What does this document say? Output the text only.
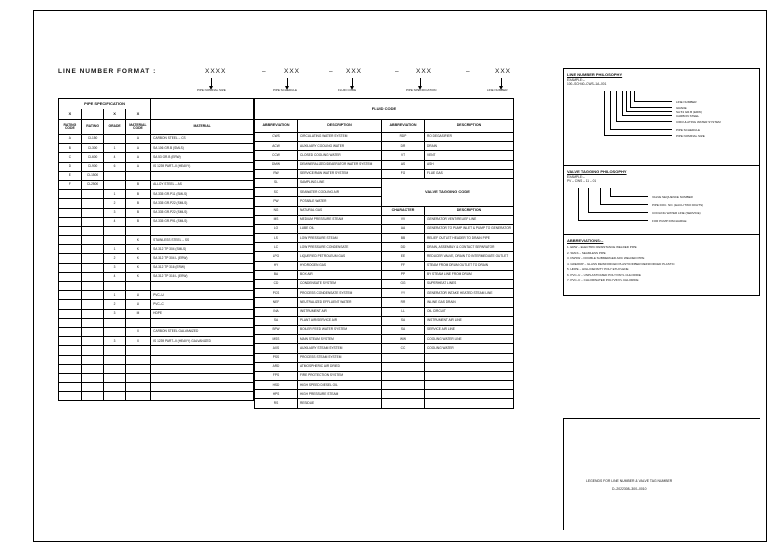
LINE NUMBER FORMAT :	XXXX
PIPE NOMINAL SIZE
–	XXX
PIPE SCHEDULE
– XXX
FLUID CODE
–	XXX
PIPE SPECIFICATION
–	XXX
LINE NUMBER
PIPE SPECIFICATION				
X		X	X	
RATING CODE	RATING	GRADE	MATERIAL CODE	MATERIAL
A	CL150		A	CARBON STEEL – CS
B	CL300	1	A	SA 106 GR.B (SMLS)
C	CL600	4	A	SA 53 GR.B (ERW)
D	CL900	6	A	IS 1239 PART–II (HEAVY)
E	CL1500			
F	CL2500		B	ALLOY STEEL – AS
		1	B	SA 335 GR.P11 (SMLS)
		2	B	SA 335 GR.P22 (SMLS)
		3	B	SA 335 GR.P22 (SMLS)
		4	B	SA 335 GR.P91 (SMLS)

			K	STAINLESS STEEL – SS
		1	K	SA 312 TP 304 (SMLS)
		2	K	SA 312 TP 304 L (ERW)
		3	K	SA 312 TP 316 (ERW)
		4	K	SA 312 TP 316 L (ERW)

		1	U	PVC–U
		2	U	PVC–C
		3	M	HDPE

			X	CARBON STEEL GALVANIZED
		3	X	IS 1239 PART–II (HEAVY) GALVANIZED

FLUID CODE			
ABBREVIATION	DESCRIPTION	ABBREVIATION	DESCRIPTION
CWS	CIRCULATING WATER SYSTEM	RDP	RO DEGASIFIER
ACW	AUXILIARY COOLING WATER	DR	DRAIN
CCW	CLOSED COOLING WATER	VT	VENT
DMW	DEMINERALIZED/DEAERATOR WATER SYSTEM	AS	ASH
RW	SERVICE/RAW WATER SYSTEM	FG	FLUE GAS
SL	SAMPLING LINE	VALVE TAGGING CODE	
SC	SEAWATER COOLING AIR		
PW	POTABLE WATER		
NG	NATURAL GAS	CHARACTER	DESCRIPTION
MS	MEDIUM PRESSURE STEAM	VV	GENERATOR VENT/RELIEF LINE
LO	LUBE OIL	AA	GENERATOR TO PUMP INLET & PUMP TO GENERATOR
LS	LOW PRESSURE STEAM	BB	RELIEF OUTLET HEADER TO DRAIN PIPE
LC	LOW PRESSURE CONDENSATE	DD	DRAIN, ASSEMBLY & CONTACT SEPARATOR
LPG	LIQUEFIED PETROLEUM GAS	EE	REDUCER VALVE, DRAIN TO INTERMEDIATE OUTLET
HY	HYDROGEN GAS	FF	STEAM FROM DRUM OUTLET TO DRAIN
BA	BOX AIR	PP	BY STEAM LINE FROM DRUM
CD	CONDENSATE SYSTEM	GG	SUPERHEAT LINES
PCS	PROCESS CONDENSATE SYSTEM	YY	GENERATOR INTAKE HEATED STEAM LINE
NEF	NEUTRALIZED EFFLUENT WATER	RR	INLINE GAS DRAIN
INA	INSTRUMENT AIR	LL	OIL CIRCUIT
SA	PLANT AIR/SERVICE AIR	SA	INSTRUMENT AIR LINE
BFW	BOILER FEED WATER SYSTEM	SA	SERVICE AIR LINE
MSS	MAIN STEAM SYSTEM	WW	COOLING WATER LINE
AXS	AUXILIARY STEAM SYSTEM	CC	COOLING WATER
PSS	PROCESS STEAM SYSTEM		
ARD	ATMOSPHERIC AIR DRIED		
FPS	FIRE PROTECTION SYSTEM		
HSD	HIGH SPEED DIESEL OIL		
HPS	HIGH PRESSURE STEAM		
RS	RESIDUE		
LINE NUMBER PHILOSOPHY
EXAMPLE:–
100–SCH40–CWS–1A–001
LINE NUMBER
GRADE
SA 53 GR.B (ERW)
CARBON STEEL
CIRCULATING WATER SYSTEM
PIPE SCHEDULE
PIPE NOMINAL SIZE
VALVE TAGGING PHILOSOPHY
EXAMPLE:–
PV – CWS – 11 – 01
VALVE SEQUENCE NUMBER
PIPE DOC. NO. (EACH TWO DIGITS)
COOLING WATER LINE (SERVICE)
FOR PUMP DISCHARGE
ABBREVIATIONS:–
1. ERW – ELECTRIC RESISTANCE WELDED PIPE
2. SMLS – SEAMLESS PIPE
3. DWSW – DOUBLE SUBMERGED ARC WELDED PIPE
4. GRE/FRP – GLASS REINFORCED PLASTIC/FIBER REINFORCED PLASTIC
5. HDPE – HIGH DENSITY POLY ETHYLENE
6. PVC–U – UNPLASTICIZED POLYVINYL CHLORIDE
7. PVC–C – CHLORINATED POLYVINYL CHLORIDE
LEGENDS FOR LINE NUMBER & VALVE TAG NUMBER
D–2022308–300–0010
